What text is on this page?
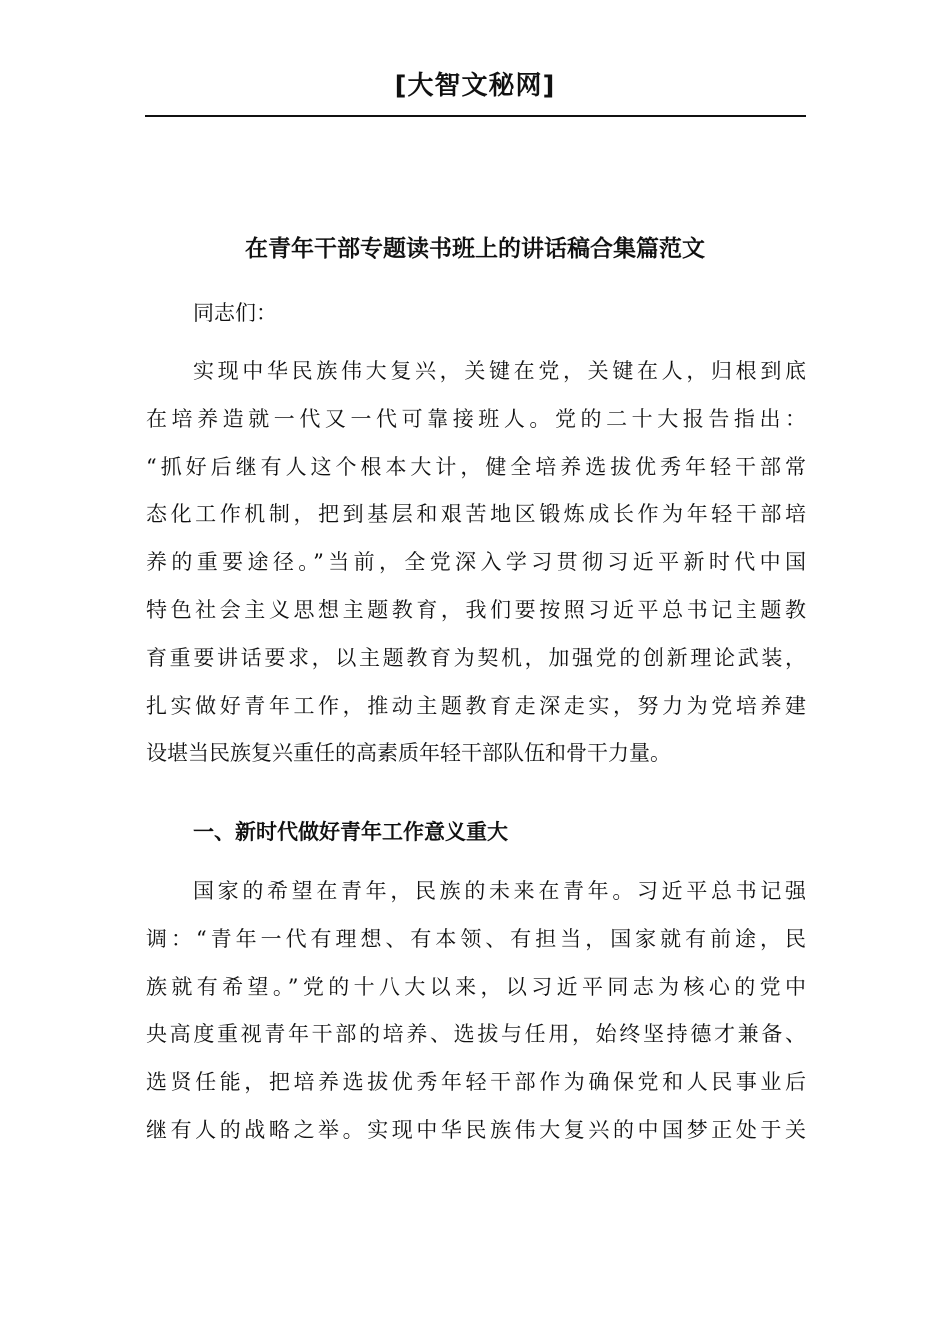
[大智文秘网]
在青年干部专题读书班上的讲话稿合集篇范文
同志们：
实现中华民族伟大复兴，关键在党，关键在人，归根到底
在培养造就一代又一代可靠接班人。党的二十大报告指出：
“抓好后继有人这个根本大计，健全培养选拔优秀年轻干部常
态化工作机制，把到基层和艰苦地区锻炼成长作为年轻干部培
养的重要途径。”当前，全党深入学习贯彻习近平新时代中国
特色社会主义思想主题教育，我们要按照习近平总书记主题教
育重要讲话要求，以主题教育为契机，加强党的创新理论武装，
扎实做好青年工作，推动主题教育走深走实，努力为党培养建
设堪当民族复兴重任的高素质年轻干部队伍和骨干力量。
一、新时代做好青年工作意义重大
国家的希望在青年，民族的未来在青年。习近平总书记强
调：“青年一代有理想、有本领、有担当，国家就有前途，民
族就有希望。”党的十八大以来，以习近平同志为核心的党中
央高度重视青年干部的培养、选拔与任用，始终坚持德才兼备、
选贤任能，把培养选拔优秀年轻干部作为确保党和人民事业后
继有人的战略之举。实现中华民族伟大复兴的中国梦正处于关
